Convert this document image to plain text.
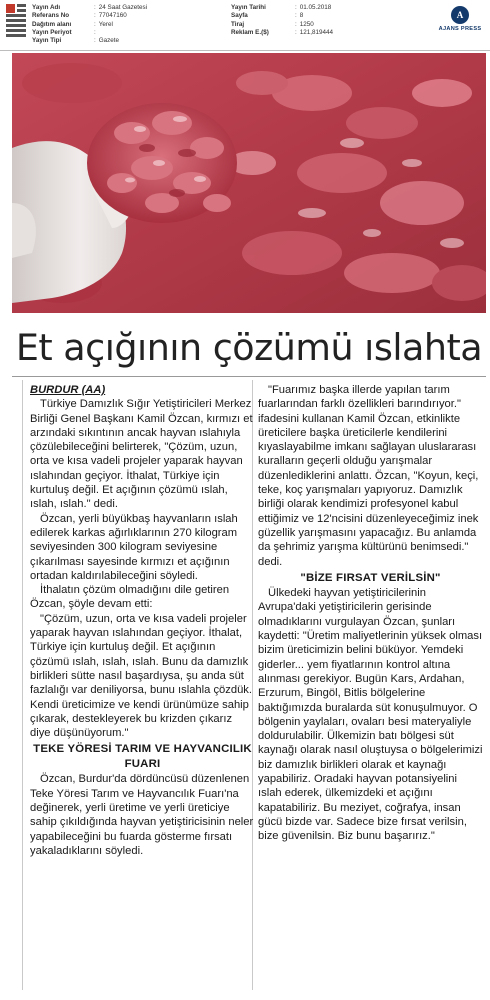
Yayın Adı	: 24 Saat Gazetesi
Referans No	: 77047160
Dağıtım alanı	: Yerel
Yayın Periyot	:
Yayın Tipi	: Gazete
Yayın Tarihi	: 01.05.2018
Sayfa	: 8
Tiraj	: 1250
Reklam E.($)	: 121,819444
A
AJANS PRESS
Et açığının çözümü ıslahta

BURDUR (AA)

Türkiye Damızlık Sığır Yetiştiricileri Merkez Birliği Genel Başkanı Kamil Özcan, kırmızı et arzındaki sıkıntının ancak hayvan ıslahıyla çözülebileceğini belirterek, "Çözüm, uzun, orta ve kısa vadeli projeler yaparak hayvan ıslahından geçiyor. İthalat, Türkiye için kurtuluş değil. Et açığının çözümü ıslah, ıslah, ıslah." dedi.

Özcan, yerli büyükbaş hayvanların ıslah edilerek karkas ağırlıklarının 270 kilogram seviyesinden 300 kilogram seviyesine çıkarılması sayesinde kırmızı et açığının ortadan kaldırılabileceğini söyledi.

İthalatın çözüm olmadığını dile getiren Özcan, şöyle devam etti:

"Çözüm, uzun, orta ve kısa vadeli projeler yaparak hayvan ıslahından geçiyor. İthalat, Türkiye için kurtuluş değil. Et açığının çözümü ıslah, ıslah, ıslah. Bunu da damızlık birlikleri sütte nasıl başardıysa, şu anda süt fazlalığı var deniliyorsa, bunu ıslahla çözdük. Kendi üreticimize ve kendi ürünümüze sahip çıkarak, destekleyerek bu krizden çıkarız diye düşünüyorum."

TEKE YÖRESİ TARIM VE HAYVANCILIK FUARI

Özcan, Burdur'da dördüncüsü düzenlenen Teke Yöresi Tarım ve Hayvancılık Fuarı'na değinerek, yerli üretime ve yerli üreticiye sahip çıkıldığında hayvan yetiştiricisinin neler yapabileceğini bu fuarda gösterme fırsatı yakaladıklarını söyledi.

"Fuarımız başka illerde yapılan tarım fuarlarından farklı özellikleri barındırıyor." ifadesini kullanan Kamil Özcan, etkinlikte üreticilere başka üreticilerle kendilerini kıyaslayabilme imkanı sağlayan uluslararası kuralların geçerli olduğu yarışmalar düzenlediklerini anlattı. Özcan, "Koyun, keçi, teke, koç yarışmaları yapıyoruz. Damızlık birliği olarak kendimizi profesyonel kabul ettiğimiz ve 12'ncisini düzenleyeceğimiz inek güzellik yarışmasını yapacağız. Bu anlamda da şehrimiz yarışma kültürünü benimsedi." dedi.

"BİZE FIRSAT VERİLSİN"

Ülkedeki hayvan yetiştiricilerinin Avrupa'daki yetiştiricilerin gerisinde olmadıklarını vurgulayan Özcan, şunları kaydetti: "Üretim maliyetlerinin yüksek olması bizim üreticimizin belini büküyor. Yemdeki giderler... yem fiyatlarının kontrol altına alınması gerekiyor. Bugün Kars, Ardahan, Erzurum, Bingöl, Bitlis bölgelerine baktığımızda buralarda süt konuşulmuyor. O bölgenin yaylaları, ovaları besi materyaliyle doldurulabilir. Ülkemizin batı bölgesi süt kaynağı olarak nasıl oluştuysa o bölgelerimizi biz damızlık birlikleri olarak et kaynağı yapabiliriz. Oradaki hayvan potansiyelini ıslah ederek, ülkemizdeki et açığını kapatabiliriz. Bu meziyet, coğrafya, insan gücü bizde var. Sadece bize fırsat verilsin, bize güvenilsin. Biz bunu başarırız."
